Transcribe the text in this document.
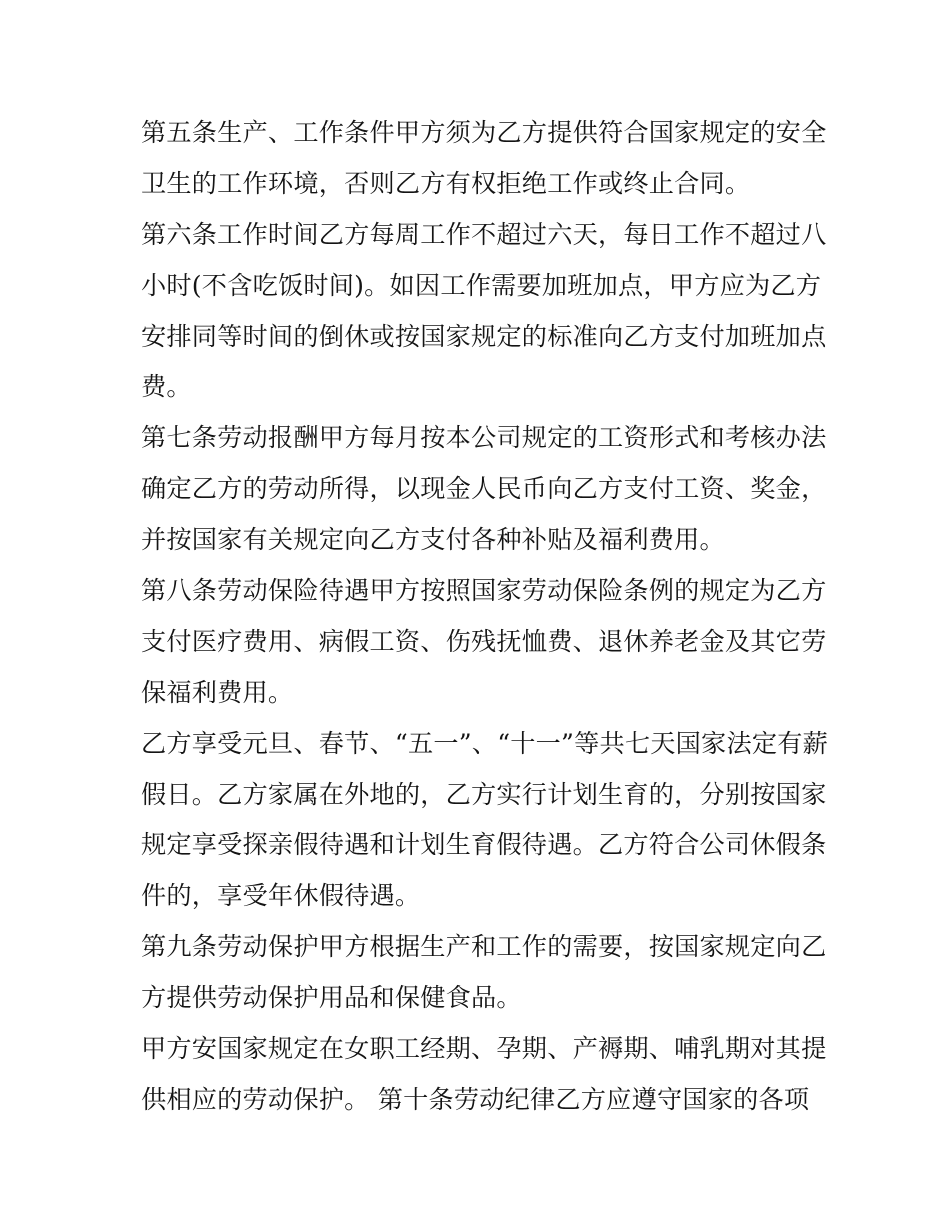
第五条生产、工作条件甲方须为乙方提供符合国家规定的安全
卫生的工作环境，否则乙方有权拒绝工作或终止合同。
第六条工作时间乙方每周工作不超过六天，每日工作不超过八
小时(不含吃饭时间)。如因工作需要加班加点，甲方应为乙方
安排同等时间的倒休或按国家规定的标准向乙方支付加班加点
费。
第七条劳动报酬甲方每月按本公司规定的工资形式和考核办法
确定乙方的劳动所得，以现金人民币向乙方支付工资、奖金，
并按国家有关规定向乙方支付各种补贴及福利费用。
第八条劳动保险待遇甲方按照国家劳动保险条例的规定为乙方
支付医疗费用、病假工资、伤残抚恤费、退休养老金及其它劳
保福利费用。
乙方享受元旦、春节、“五一”、“十一”等共七天国家法定有薪
假日。乙方家属在外地的，乙方实行计划生育的，分别按国家
规定享受探亲假待遇和计划生育假待遇。乙方符合公司休假条
件的，享受年休假待遇。
第九条劳动保护甲方根据生产和工作的需要，按国家规定向乙
方提供劳动保护用品和保健食品。
甲方安国家规定在女职工经期、孕期、产褥期、哺乳期对其提
供相应的劳动保护。 第十条劳动纪律乙方应遵守国家的各项
